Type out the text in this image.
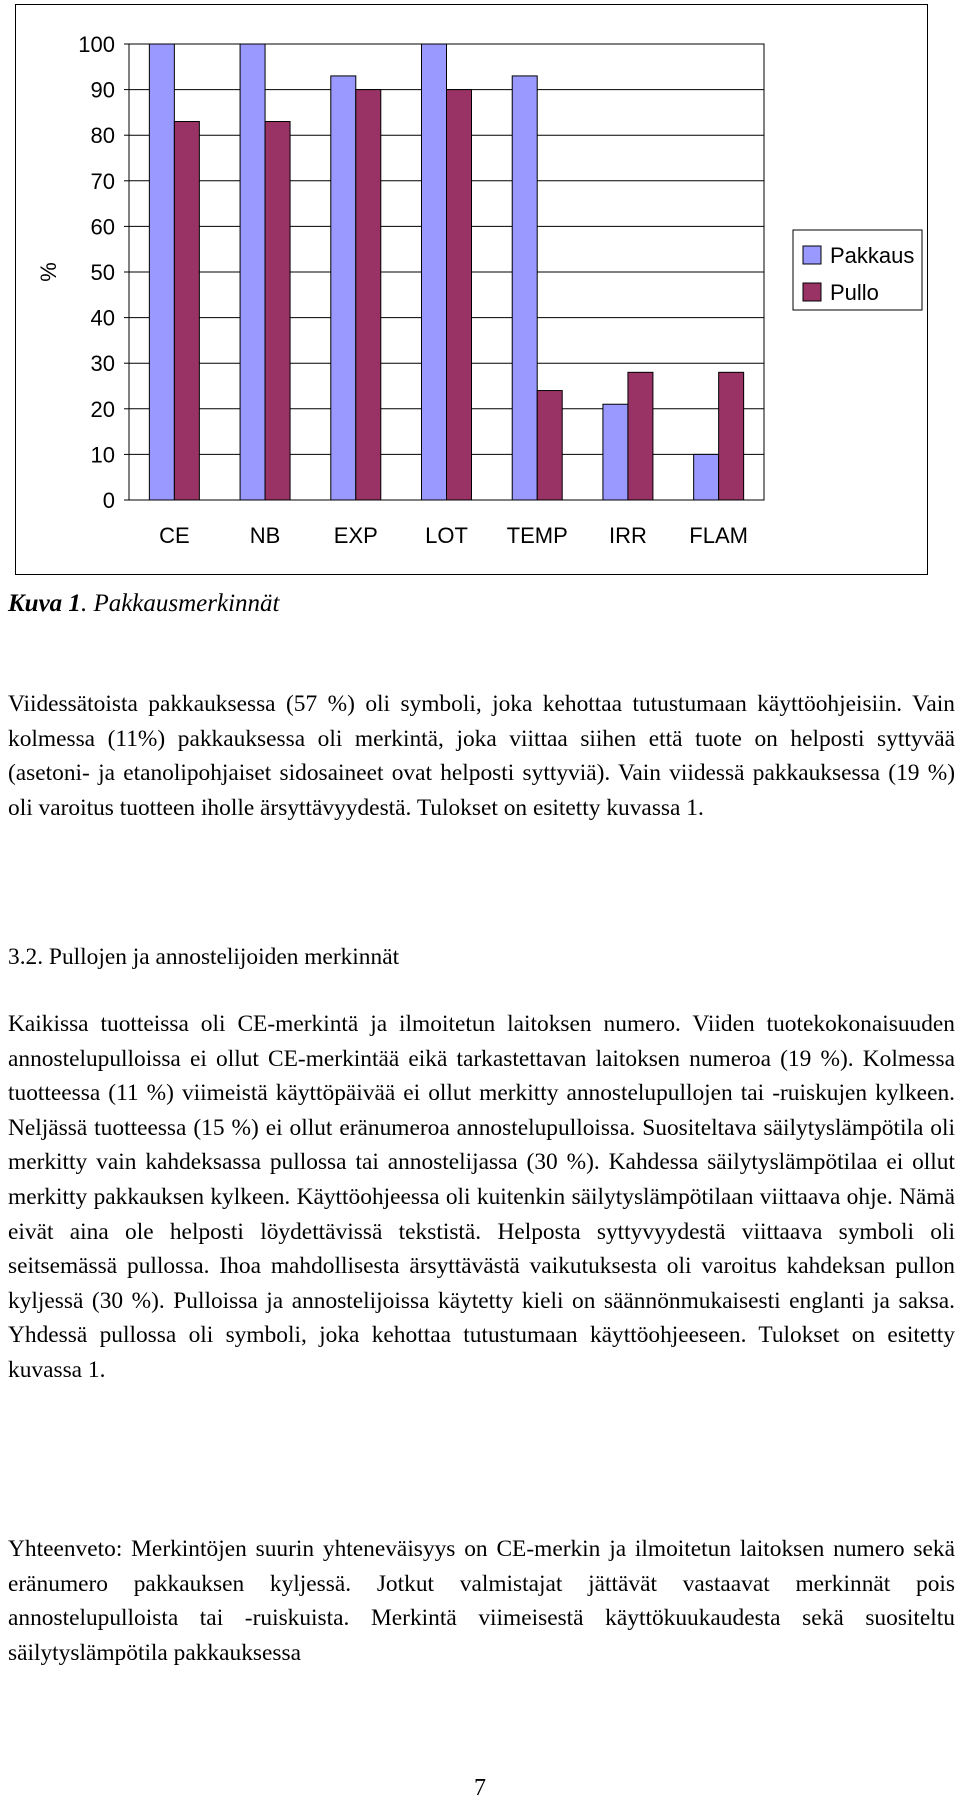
0
10
20
30
40
50
60
70
80
90
100
%
CE	NB EXP LOT TEMP IRR FLAM
Pakkaus
Pullo
Kuva 1. Pakkausmerkinnät

Viidessätoista pakkauksessa (57 %) oli symboli, joka kehottaa tutustumaan käyttöohjeisiin. Vain kolmessa (11%) pakkauksessa oli merkintä, joka viittaa siihen että tuote on helposti syttyvää (asetoni- ja etanolipohjaiset sidosaineet ovat helposti syttyviä). Vain viidessä pakkauksessa (19 %) oli varoitus tuotteen iholle ärsyttävyydestä. Tulokset on esitetty kuvassa 1.

3.2. Pullojen ja annostelijoiden merkinnät

Kaikissa tuotteissa oli CE-merkintä ja ilmoitetun laitoksen numero. Viiden tuotekokonaisuuden annostelupulloissa ei ollut CE-merkintää eikä tarkastettavan laitoksen numeroa (19 %). Kolmessa tuotteessa (11 %) viimeistä käyttöpäivää ei ollut merkitty annostelupullojen tai -ruiskujen kylkeen. Neljässä tuotteessa (15 %) ei ollut eränumeroa annostelupulloissa. Suositeltava säilytyslämpötila oli merkitty vain kahdeksassa pullossa tai annostelijassa (30 %). Kahdessa säilytyslämpötilaa ei ollut merkitty pakkauksen kylkeen. Käyttöohjeessa oli kuitenkin säilytyslämpötilaan viittaava ohje. Nämä eivät aina ole helposti löydettävissä tekstistä. Helposta syttyvyydestä viittaava symboli oli seitsemässä pullossa. Ihoa mahdollisesta ärsyttävästä vaikutuksesta oli varoitus kahdeksan pullon kyljessä (30 %). Pulloissa ja annostelijoissa käytetty kieli on säännönmukaisesti englanti ja saksa. Yhdessä pullossa oli symboli, joka kehottaa tutustumaan käyttöohjeeseen. Tulokset on esitetty kuvassa 1.

Yhteenveto: Merkintöjen suurin yhteneväisyys on CE-merkin ja ilmoitetun laitoksen numero sekä eränumero pakkauksen kyljessä. Jotkut valmistajat jättävät vastaavat merkinnät pois annostelupulloista tai -ruiskuista. Merkintä viimeisestä käyttökuukaudesta sekä suositeltu säilytyslämpötila pakkauksessa

7
